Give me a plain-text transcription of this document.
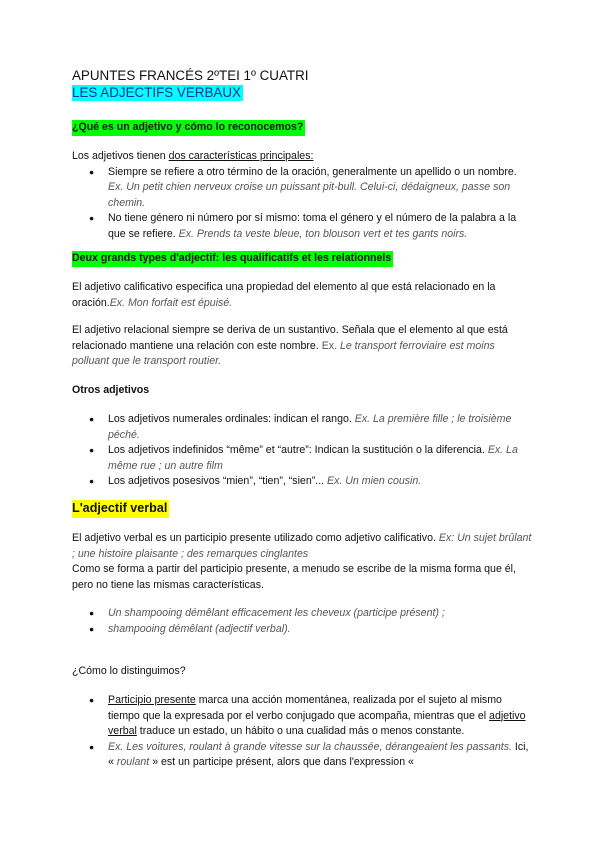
APUNTES FRANCÉS 2ºTEI 1º CUATRI
LES ADJECTIFS VERBAUX
¿Qué es un adjetivo y cómo lo reconocemos?

Los adjetivos tienen dos características principales:

● Siempre se refiere a otro término de la oración, generalmente un apellido o un nombre. Ex. Un petit chien nerveux croise un puissant pit-bull. Celui-ci, dédaigneux, passe son chemin.
● No tiene género ni número por sí mismo: toma el género y el número de la palabra a la que se refiere. Ex. Prends ta veste bleue, ton blouson vert et tes gants noirs.
Deux grands types d'adjectif: les qualificatifs et les relationnels

El adjetivo calificativo especifica una propiedad del elemento al que está relacionado en la oración.Ex. Mon forfait est épuisé.

El adjetivo relacional siempre se deriva de un sustantivo. Señala que el elemento al que está relacionado mantiene una relación con este nombre. Ex. Le transport ferroviaire est moins polluant que le transport routier.

Otros adjetivos
● Los adjetivos numerales ordinales: indican el rango. Ex. La première fille ; le troisième péché.
● Los adjetivos indefinidos “même” et “autre”: Indican la sustitución o la diferencia. Ex. La même rue ; un autre film
● Los adjetivos posesivos “mien”, “tien”, “sien”... Ex. Un mien cousin.
L'adjectif verbal

El adjetivo verbal es un participio presente utilizado como adjetivo calificativo. Ex: Un sujet brûlant ; une histoire plaisante ; des remarques cinglantes

Como se forma a partir del participio presente, a menudo se escribe de la misma forma que él, pero no tiene las mismas características.

● Un shampooing démêlant efficacement les cheveux (participe présent) ;
● shampooing démêlant (adjectif verbal).

¿Cómo lo distinguimos?

● Participio presente marca una acción momentánea, realizada por el sujeto al mismo tiempo que la expresada por el verbo conjugado que acompaña, mientras que el adjetivo verbal traduce un estado, un hábito o una cualidad más o menos constante.
● Ex. Les voitures, roulant à grande vitesse sur la chaussée, dérangeaient les passants. Ici, « roulant » est un participe présent, alors que dans l'expression «
